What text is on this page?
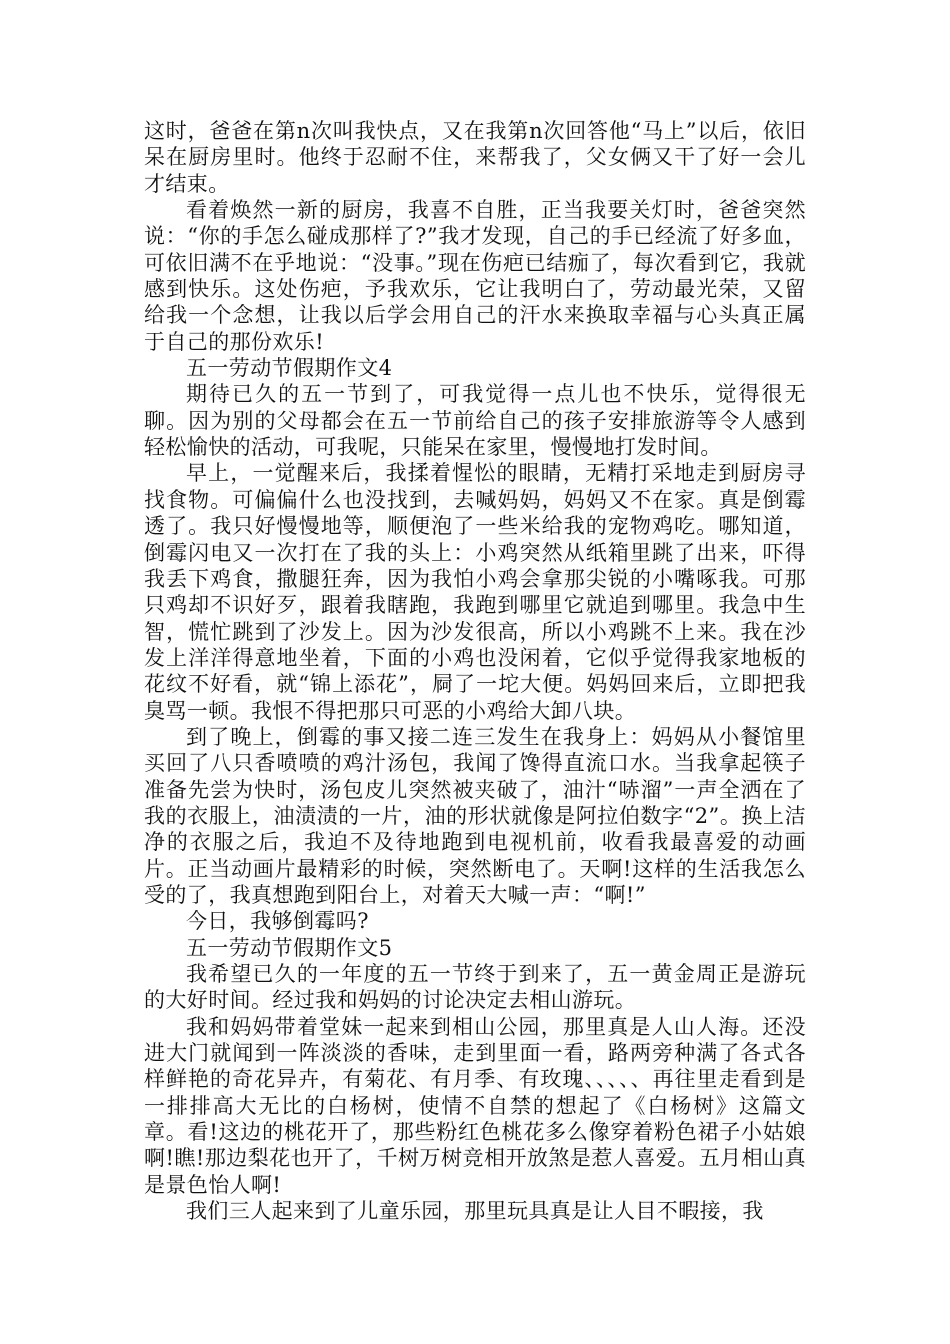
这时，爸爸在第n次叫我快点，又在我第n次回答他“马上”以后，依旧呆在厨房里时。他终于忍耐不住，来帮我了，父女俩又干了好一会儿才结束。

看着焕然一新的厨房，我喜不自胜，正当我要关灯时，爸爸突然说：“你的手怎么碰成那样了?”我才发现，自己的手已经流了好多血，可依旧满不在乎地说：“没事。”现在伤疤已结痂了，每次看到它，我就感到快乐。这处伤疤，予我欢乐，它让我明白了，劳动最光荣，又留给我一个念想，让我以后学会用自己的汗水来换取幸福与心头真正属于自己的那份欢乐!

五一劳动节假期作文4

期待已久的五一节到了，可我觉得一点儿也不快乐，觉得很无聊。因为别的父母都会在五一节前给自己的孩子安排旅游等令人感到轻松愉快的活动，可我呢，只能呆在家里，慢慢地打发时间。

早上，一觉醒来后，我揉着惺忪的眼睛，无精打采地走到厨房寻找食物。可偏偏什么也没找到，去喊妈妈，妈妈又不在家。真是倒霉透了。我只好慢慢地等，顺便泡了一些米给我的宠物鸡吃。哪知道，倒霉闪电又一次打在了我的头上：小鸡突然从纸箱里跳了出来，吓得我丢下鸡食，撒腿狂奔，因为我怕小鸡会拿那尖锐的小嘴啄我。可那只鸡却不识好歹，跟着我瞎跑，我跑到哪里它就追到哪里。我急中生智，慌忙跳到了沙发上。因为沙发很高，所以小鸡跳不上来。我在沙发上洋洋得意地坐着，下面的小鸡也没闲着，它似乎觉得我家地板的花纹不好看，就“锦上添花”，屙了一坨大便。妈妈回来后，立即把我臭骂一顿。我恨不得把那只可恶的小鸡给大卸八块。

到了晚上，倒霉的事又接二连三发生在我身上：妈妈从小餐馆里买回了八只香喷喷的鸡汁汤包，我闻了馋得直流口水。当我拿起筷子准备先尝为快时，汤包皮儿突然被夹破了，油汁“哧溜”一声全洒在了我的衣服上，油渍渍的一片，油的形状就像是阿拉伯数字“2”。换上洁净的衣服之后，我迫不及待地跑到电视机前，收看我最喜爱的动画片。正当动画片最精彩的时候，突然断电了。天啊!这样的生活我怎么受的了，我真想跑到阳台上，对着天大喊一声：“啊!”

今日，我够倒霉吗?

五一劳动节假期作文5

我希望已久的一年度的五一节终于到来了，五一黄金周正是游玩的大好时间。经过我和妈妈的讨论决定去相山游玩。

我和妈妈带着堂妹一起来到相山公园，那里真是人山人海。还没进大门就闻到一阵淡淡的香味，走到里面一看，路两旁种满了各式各样鲜艳的奇花异卉，有菊花、有月季、有玫瑰、、、、、再往里走看到是一排排高大无比的白杨树，使情不自禁的想起了《白杨树》这篇文章。看!这边的桃花开了，那些粉红色桃花多么像穿着粉色裙子小姑娘啊!瞧!那边梨花也开了，千树万树竞相开放煞是惹人喜爱。五月相山真是景色怡人啊!

我们三人起来到了儿童乐园，那里玩具真是让人目不暇接，我
